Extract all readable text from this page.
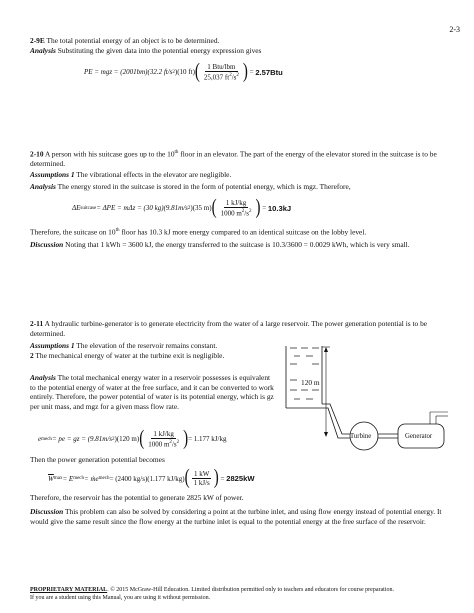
2-3
2-9E The total potential energy of an object is to be determined.
Analysis Substituting the given data into the potential energy expression gives
PE = mgz = (2001bm)(32.2 ft/s 2 )(10 ft) ( $\frac{\text{1 Btu/lbm}}{25,037 ft^2/s^2}$ ) = 2.57Btu
2-10 A person with his suitcase goes up to the 10th floor in an elevator. The part of the energy of the elevator stored in the suitcase is to be determined.
Assumptions 1 The vibrational effects in the elevator are negligible.
Analysis The energy stored in the suitcase is stored in the form of potential energy, which is mgz. Therefore,
ΔE suitcase = ΔPE = mΔz = (30 kg)(9.81m/s 2 )(35 m) ( $\frac{1 kJ/kg}{1000 m^2/s^2}$ ) = 10.3kJ
Therefore, the suitcase on 10th floor has 10.3 kJ more energy compared to an identical suitcase on the lobby level.
Discussion Noting that 1 kWh = 3600 kJ, the energy transferred to the suitcase is 10.3/3600 = 0.0029 kWh, which is very small.
2-11 A hydraulic turbine-generator is to generate electricity from the water of a large reservoir. The power generation potential is to be determined.
Assumptions 1 The elevation of the reservoir remains constant.
2 The mechanical energy of water at the turbine exit is negligible.
Analysis The total mechanical energy water in a reservoir possesses is equivalent to the potential energy of water at the free surface, and it can be converted to work entirely. Therefore, the power potential of water is its potential energy, which is gz per unit mass, and mgz for a given mass flow rate.
120 m
Turbine	Generator
e mech = pe = gz = (9.81m/s 2 )(120 m) ( $\frac{1 kJ/kg}{1000 m^2/s^2}$ ) = 1.177 kJ/kg
Then the power generation potential becomes
$\overline{W}$ max = E mech = ṁe mech = (2400 kg/s)(1.177 kJ/kg) ( $\frac{1 kW}{1 kJ/s}$ ) = 2825kW
Therefore, the reservoir has the potential to generate 2825 kW of power.
Discussion This problem can also be solved by considering a point at the turbine inlet, and using flow energy instead of potential energy. It would give the same result since the flow energy at the turbine inlet is equal to the potential energy at the free surface of the reservoir.
PROPRIETARY MATERIAL. © 2015 McGraw-Hill Education. Limited distribution permitted only to teachers and educators for course preparation.
If you are a student using this Manual, you are using it without permission.
